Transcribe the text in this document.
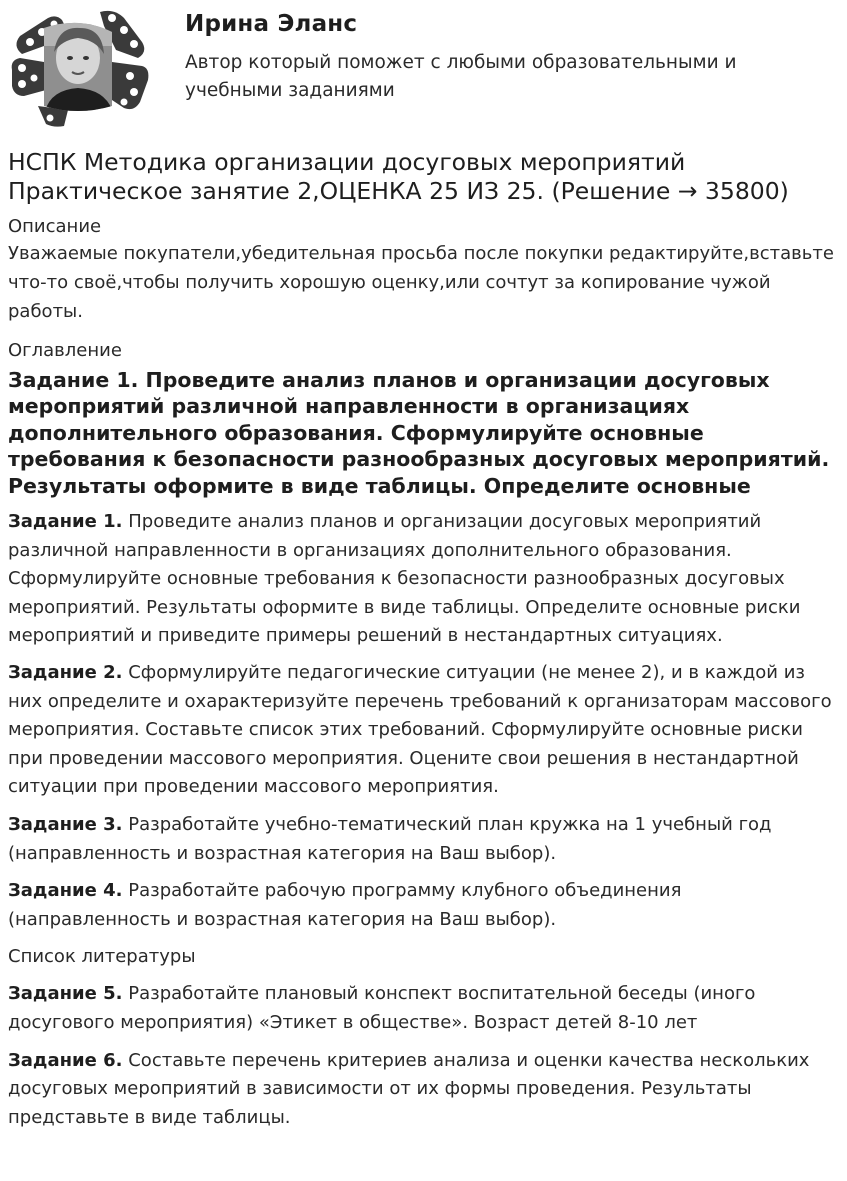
Ирина Эланс
Автор который поможет с любыми образовательными и учебными заданиями
НСПК Методика организации досуговых мероприятий
Практическое занятие 2,ОЦЕНКА 25 ИЗ 25. (Решение → 35800)
Описание
Уважаемые покупатели,убедительная просьба после покупки редактируйте,вставьте что-то своё,чтобы получить хорошую оценку,или сочтут за копирование чужой работы.
Оглавление
Задание 1. Проведите анализ планов и организации досуговых мероприятий различной направленности в организациях дополнительного образования. Сформулируйте основные требования к безопасности разнообразных досуговых мероприятий. Результаты оформите в виде таблицы. Определите основные

Задание 1. Проведите анализ планов и организации досуговых мероприятий различной направленности в организациях дополнительного образования. Сформулируйте основные требования к безопасности разнообразных досуговых мероприятий. Результаты оформите в виде таблицы. Определите основные риски мероприятий и приведите примеры решений в нестандартных ситуациях.

Задание 2. Сформулируйте педагогические ситуации (не менее 2), и в каждой из них определите и охарактеризуйте перечень требований к организаторам массового мероприятия. Составьте список этих требований. Сформулируйте основные риски при проведении массового мероприятия. Оцените свои решения в нестандартной ситуации при проведении массового мероприятия.

Задание 3. Разработайте учебно-тематический план кружка на 1 учебный год (направленность и возрастная категория на Ваш выбор).

Задание 4. Разработайте рабочую программу клубного объединения (направленность и возрастная категория на Ваш выбор).

Список литературы

Задание 5. Разработайте плановый конспект воспитательной беседы (иного досугового мероприятия) «Этикет в обществе». Возраст детей 8-10 лет

Задание 6. Составьте перечень критериев анализа и оценки качества нескольких досуговых мероприятий в зависимости от их формы проведения. Результаты представьте в виде таблицы.
